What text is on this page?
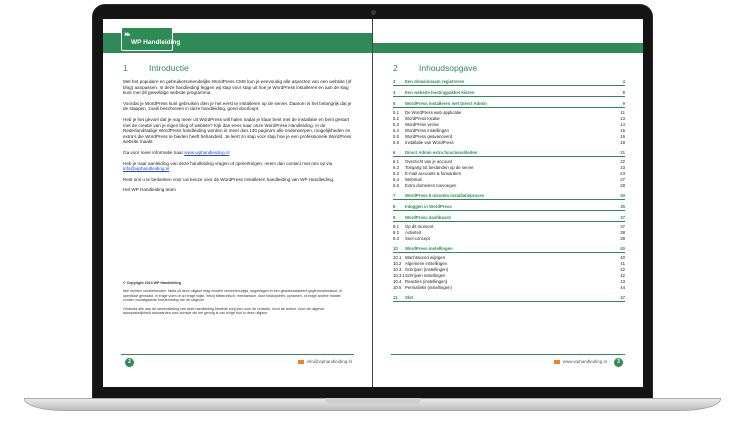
❧
WP Handleiding
1	Introductie

Met het populaire en gebruikersvriendelijke WordPress CMS kun je eenvoudig alle aspecten van een website (of blog) aanpassen. In deze handleiding leggen wij stap voor stap uit hoe je WordPress installeren en aan de slag kunt met dit geweldige website programma.

Voordat je WordPress kunt gebruiken dien je het eerst te installeren op de server. Daarom is het belangrijk dat je de stappen, zoals beschreven in deze handleiding, goed doorloopt.

Heb je het gevoel dat je nog meer uit WordPress wilt halen nadat je klaar bent met de installatie en bent gestart met de creatie van je eigen blog of website? Kijk dan eens naar onze WordPress Handleiding. In de Nederlandstalige WordPress handleiding worden in meer dan 130 pagina's alle onderwerpen, mogelijkheden en extra's die WordPress te bieden heeft behandeld. Je leert zo stap voor stap hoe je een professionele WordPress website maakt.

Ga voor meer informatie naar www.wphandleiding.nl

Heb je naar aanleiding van deze handleiding vragen of opmerkingen, neem dan contact met ons op via info@wphandleiding.nl

Rest ons u te bedanken voor uw keuze voor de WordPress Installeren handleiding van WP Handleiding.

Het WP Handleiding team

© Copyright 2014 WP Handleiding

Alle rechten voorbehouden. Niets uit deze uitgave mag worden verveelvoudigd, opgeslagen in een geautomatiseerd gegevensbestand, of openbaar gemaakt, in enige vorm of op enige wijze, hetzij elektronisch, mechanisch, door fotokopieën, opnamen, of enige andere manier, zonder voorafgaande toestemming van de uitgever.

Ondanks alle aan de samenstelling van deze handleiding bestede zorg kan noch de redactie, noch de auteur, noch de uitgever aansprakelijkheid aanvaarden voor schade die het gevolg is van enige fout in deze uitgave.

2	info@wphandleiding.nl
2	Inhoudsopgave
3	Een domeinnaam registreren	4
4	Een website hostingpakket kiezen	8
5	WordPress installeren met Direct Admin	9
5.1	De WordPress web applicatie	11
5.2	WordPress locatie	13
5.3	WordPress versie	14
5.4	WordPress instellingen	15
5.5	WordPress geavanceerd	16
5.6	Installatie van WordPress	18
6	Direct Admin extra functionaliteiten	21
6.1	Overzicht van je account	22
6.2	Toegang tot bestanden op de server	23
6.3	E-mail accounts & forwarders	24
6.4	Webmail	27
6.5	Extra domeinen toevoegen	28
7	WordPress 5 minuten installatieproces	30
8	Inloggen in WordPress	35
9	WordPress dashboard	37
9.1	Op dit moment	37
9.2	Activiteit	38
9.3	Snel concept	38
10	WordPress instellingen	40
10.1 Wachtwoord wijzigen	40
10.2 Algemene instellingen	41
10.3 Schrijven (instellingen)	42
10.3.1 Schrijven instellingen	42
10.4 Reacties (instellingen)	43
10.5 Permalinks (instellingen)	44
11	Slot	47
www.wphandleiding.nl	3
